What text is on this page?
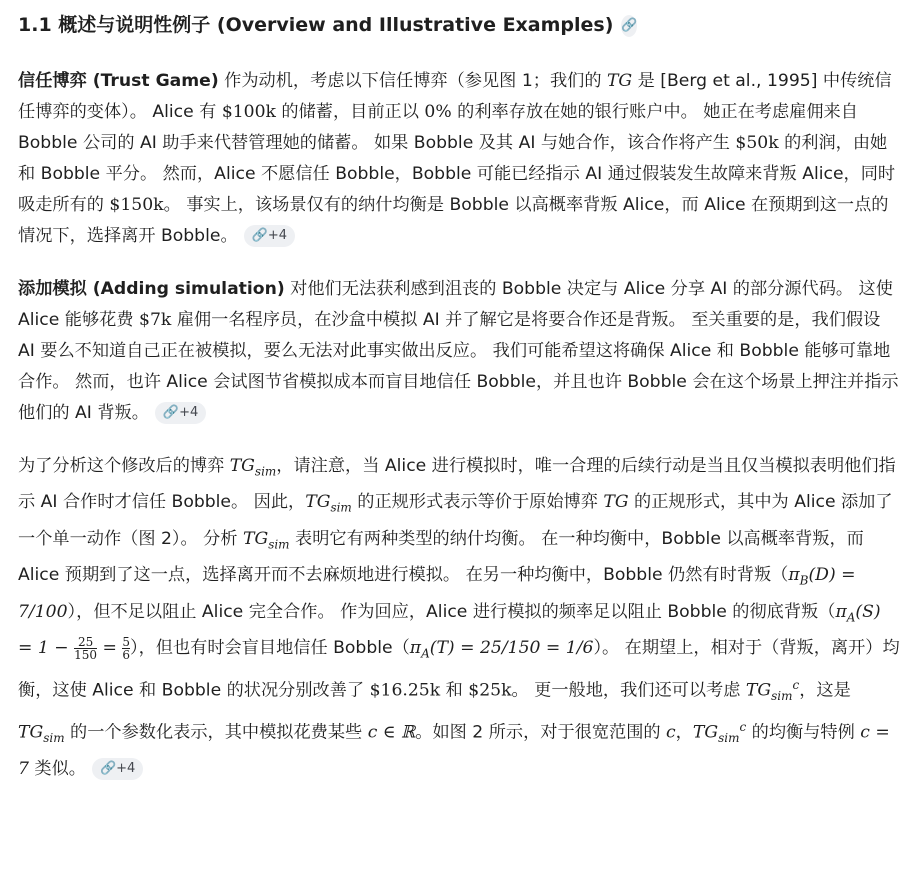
1.1 概述与说明性例子 (Overview and Illustrative Examples) 🔗

信任博弈 (Trust Game) 作为动机，考虑以下信任博弈（参见图 1；我们的 TG 是 [Berg et al., 1995] 中传统信任博弈的变体）。 Alice 有 $100k 的储蓄，目前正以 0% 的利率存放在她的银行账户中。 她正在考虑雇佣来自 Bobble 公司的 AI 助手来代替管理她的储蓄。 如果 Bobble 及其 AI 与她合作，该合作将产生 $50k 的利润，由她和 Bobble 平分。 然而，Alice 不愿信任 Bobble，Bobble 可能已经指示 AI 通过假装发生故障来背叛 Alice，同时吸走所有的 $150k。 事实上，该场景仅有的纳什均衡是 Bobble 以高概率背叛 Alice，而 Alice 在预期到这一点的情况下，选择离开 Bobble。 🔗+4

添加模拟 (Adding simulation) 对他们无法获利感到沮丧的 Bobble 决定与 Alice 分享 AI 的部分源代码。 这使 Alice 能够花费 $7k 雇佣一名程序员，在沙盒中模拟 AI 并了解它是将要合作还是背叛。 至关重要的是，我们假设 AI 要么不知道自己正在被模拟，要么无法对此事实做出反应。 我们可能希望这将确保 Alice 和 Bobble 能够可靠地合作。 然而，也许 Alice 会试图节省模拟成本而盲目地信任 Bobble，并且也许 Bobble 会在这个场景上押注并指示他们的 AI 背叛。 🔗+4

为了分析这个修改后的博弈 $TG_{sim}$，请注意，当 Alice 进行模拟时，唯一合理的后续行动是当且仅当模拟表明他们指示 AI 合作时才信任 Bobble。 因此，$TG_{sim}$ 的正规形式表示等价于原始博弈 TG 的正规形式，其中为 Alice 添加了一个单一动作（图 2）。 分析 $TG_{sim}$ 表明它有两种类型的纳什均衡。 在一种均衡中，Bobble 以高概率背叛，而 Alice 预期到了这一点，选择离开而不去麻烦地进行模拟。 在另一种均衡中，Bobble 仍然有时背叛$(\pi_B(D) = 7/100)$，但不足以阻止 Alice 完全合作。 作为回应，Alice 进行模拟的频率足以阻止 Bobble 的彻底背叛（$\pi_A(S) = 1 - \frac{25}{150} = \frac{5}{6}$ ），但也有时会盲目地信任 $Bobble(\pi_A(T) = 25/150 = 1/6)$。 在期望上，相对于（背叛，离开）均衡，这使 Alice 和 Bobble 的状况分别改善了 $16.25k 和 $25k。 更一般地，我们还可以考虑 $TG_{sim}^c$，这是 $TG_{sim}$ 的一个参数化表示，其中模拟花费某些 c ∈ ℝ。如图 2 所示，对于很宽范围的 c，$TG_{sim}^c$ 的均衡与特例 c = 7 类似。 🔗+4
